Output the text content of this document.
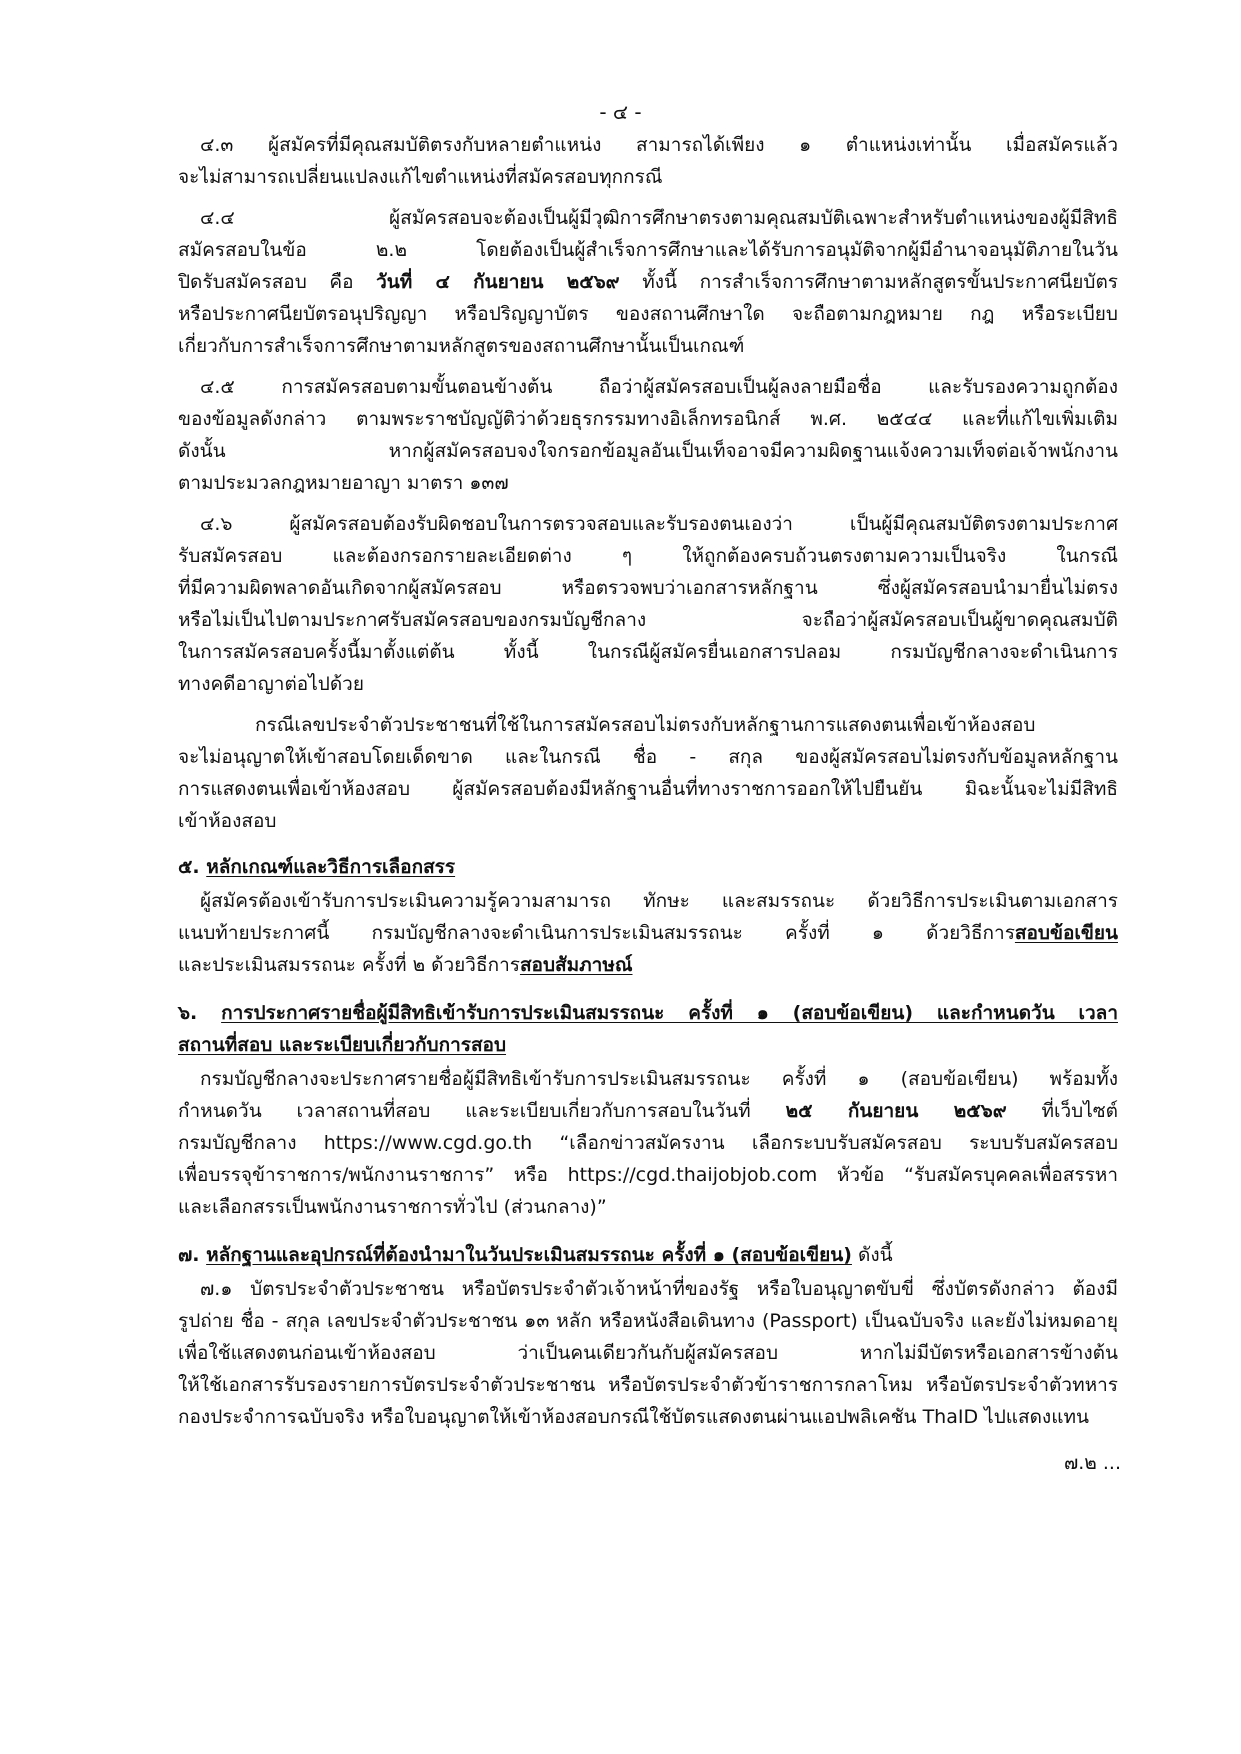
- ๔ -
๔.๓ ผู้สมัครที่มีคุณสมบัติตรงกับหลายตำแหน่ง สามารถได้เพียง ๑ ตำแหน่งเท่านั้น เมื่อสมัครแล้ว
จะไม่สามารถเปลี่ยนแปลงแก้ไขตำแหน่งที่สมัครสอบทุกกรณี
๔.๔ ผู้สมัครสอบจะต้องเป็นผู้มีวุฒิการศึกษาตรงตามคุณสมบัติเฉพาะสำหรับตำแหน่งของผู้มีสิทธิ
สมัครสอบในข้อ ๒.๒ โดยต้องเป็นผู้สำเร็จการศึกษาและได้รับการอนุมัติจากผู้มีอำนาจอนุมัติภายในวัน
ปิดรับสมัครสอบ คือ วันที่ ๔ กันยายน ๒๕๖๙ ทั้งนี้ การสำเร็จการศึกษาตามหลักสูตรขั้นประกาศนียบัตร
หรือประกาศนียบัตรอนุปริญญา หรือปริญญาบัตร ของสถานศึกษาใด จะถือตามกฎหมาย กฎ หรือระเบียบ
เกี่ยวกับการสำเร็จการศึกษาตามหลักสูตรของสถานศึกษานั้นเป็นเกณฑ์
๔.๕ การสมัครสอบตามขั้นตอนข้างต้น ถือว่าผู้สมัครสอบเป็นผู้ลงลายมือชื่อ และรับรองความถูกต้อง
ของข้อมูลดังกล่าว ตามพระราชบัญญัติว่าด้วยธุรกรรมทางอิเล็กทรอนิกส์ พ.ศ. ๒๕๔๔ และที่แก้ไขเพิ่มเติม
ดังนั้น หากผู้สมัครสอบจงใจกรอกข้อมูลอันเป็นเท็จอาจมีความผิดฐานแจ้งความเท็จต่อเจ้าพนักงาน
ตามประมวลกฎหมายอาญา มาตรา ๑๓๗
๔.๖ ผู้สมัครสอบต้องรับผิดชอบในการตรวจสอบและรับรองตนเองว่า เป็นผู้มีคุณสมบัติตรงตามประกาศ
รับสมัครสอบ และต้องกรอกรายละเอียดต่าง ๆ ให้ถูกต้องครบถ้วนตรงตามความเป็นจริง ในกรณี
ที่มีความผิดพลาดอันเกิดจากผู้สมัครสอบ หรือตรวจพบว่าเอกสารหลักฐาน ซึ่งผู้สมัครสอบนำมายื่นไม่ตรง
หรือไม่เป็นไปตามประกาศรับสมัครสอบของกรมบัญชีกลาง จะถือว่าผู้สมัครสอบเป็นผู้ขาดคุณสมบัติ
ในการสมัครสอบครั้งนี้มาตั้งแต่ต้น ทั้งนี้ ในกรณีผู้สมัครยื่นเอกสารปลอม กรมบัญชีกลางจะดำเนินการ
ทางคดีอาญาต่อไปด้วย
กรณีเลขประจำตัวประชาชนที่ใช้ในการสมัครสอบไม่ตรงกับหลักฐานการแสดงตนเพื่อเข้าห้องสอบ
จะไม่อนุญาตให้เข้าสอบโดยเด็ดขาด และในกรณี ชื่อ - สกุล ของผู้สมัครสอบไม่ตรงกับข้อมูลหลักฐาน
การแสดงตนเพื่อเข้าห้องสอบ ผู้สมัครสอบต้องมีหลักฐานอื่นที่ทางราชการออกให้ไปยืนยัน มิฉะนั้นจะไม่มีสิทธิ
เข้าห้องสอบ
๕. หลักเกณฑ์และวิธีการเลือกสรร
ผู้สมัครต้องเข้ารับการประเมินความรู้ความสามารถ ทักษะ และสมรรถนะ ด้วยวิธีการประเมินตามเอกสาร
แนบท้ายประกาศนี้ กรมบัญชีกลางจะดำเนินการประเมินสมรรถนะ ครั้งที่ ๑ ด้วยวิธีการสอบข้อเขียน
และประเมินสมรรถนะ ครั้งที่ ๒ ด้วยวิธีการสอบสัมภาษณ์
๖. การประกาศรายชื่อผู้มีสิทธิเข้ารับการประเมินสมรรถนะ ครั้งที่ ๑ (สอบข้อเขียน) และกำหนดวัน เวลา
สถานที่สอบ และระเบียบเกี่ยวกับการสอบ
กรมบัญชีกลางจะประกาศรายชื่อผู้มีสิทธิเข้ารับการประเมินสมรรถนะ ครั้งที่ ๑ (สอบข้อเขียน) พร้อมทั้ง
กำหนดวัน เวลาสถานที่สอบ และระเบียบเกี่ยวกับการสอบในวันที่ ๒๕ กันยายน ๒๕๖๙ ที่เว็บไซต์
กรมบัญชีกลาง https://www.cgd.go.th “เลือกข่าวสมัครงาน เลือกระบบรับสมัครสอบ ระบบรับสมัครสอบ
เพื่อบรรจุข้าราชการ/พนักงานราชการ” หรือ https://cgd.thaijobjob.com หัวข้อ “รับสมัครบุคคลเพื่อสรรหา
และเลือกสรรเป็นพนักงานราชการทั่วไป (ส่วนกลาง)”
๗. หลักฐานและอุปกรณ์ที่ต้องนำมาในวันประเมินสมรรถนะ ครั้งที่ ๑ (สอบข้อเขียน) ดังนี้
๗.๑ บัตรประจำตัวประชาชน หรือบัตรประจำตัวเจ้าหน้าที่ของรัฐ หรือใบอนุญาตขับขี่ ซึ่งบัตรดังกล่าว ต้องมี
รูปถ่าย ชื่อ - สกุล เลขประจำตัวประชาชน ๑๓ หลัก หรือหนังสือเดินทาง (Passport) เป็นฉบับจริง และยังไม่หมดอายุ
เพื่อใช้แสดงตนก่อนเข้าห้องสอบ ว่าเป็นคนเดียวกันกับผู้สมัครสอบ หากไม่มีบัตรหรือเอกสารข้างต้น
ให้ใช้เอกสารรับรองรายการบัตรประจำตัวประชาชน หรือบัตรประจำตัวข้าราชการกลาโหม หรือบัตรประจำตัวทหาร
กองประจำการฉบับจริง หรือใบอนุญาตให้เข้าห้องสอบกรณีใช้บัตรแสดงตนผ่านแอปพลิเคชัน ThaID ไปแสดงแทน
๗.๒ ...
